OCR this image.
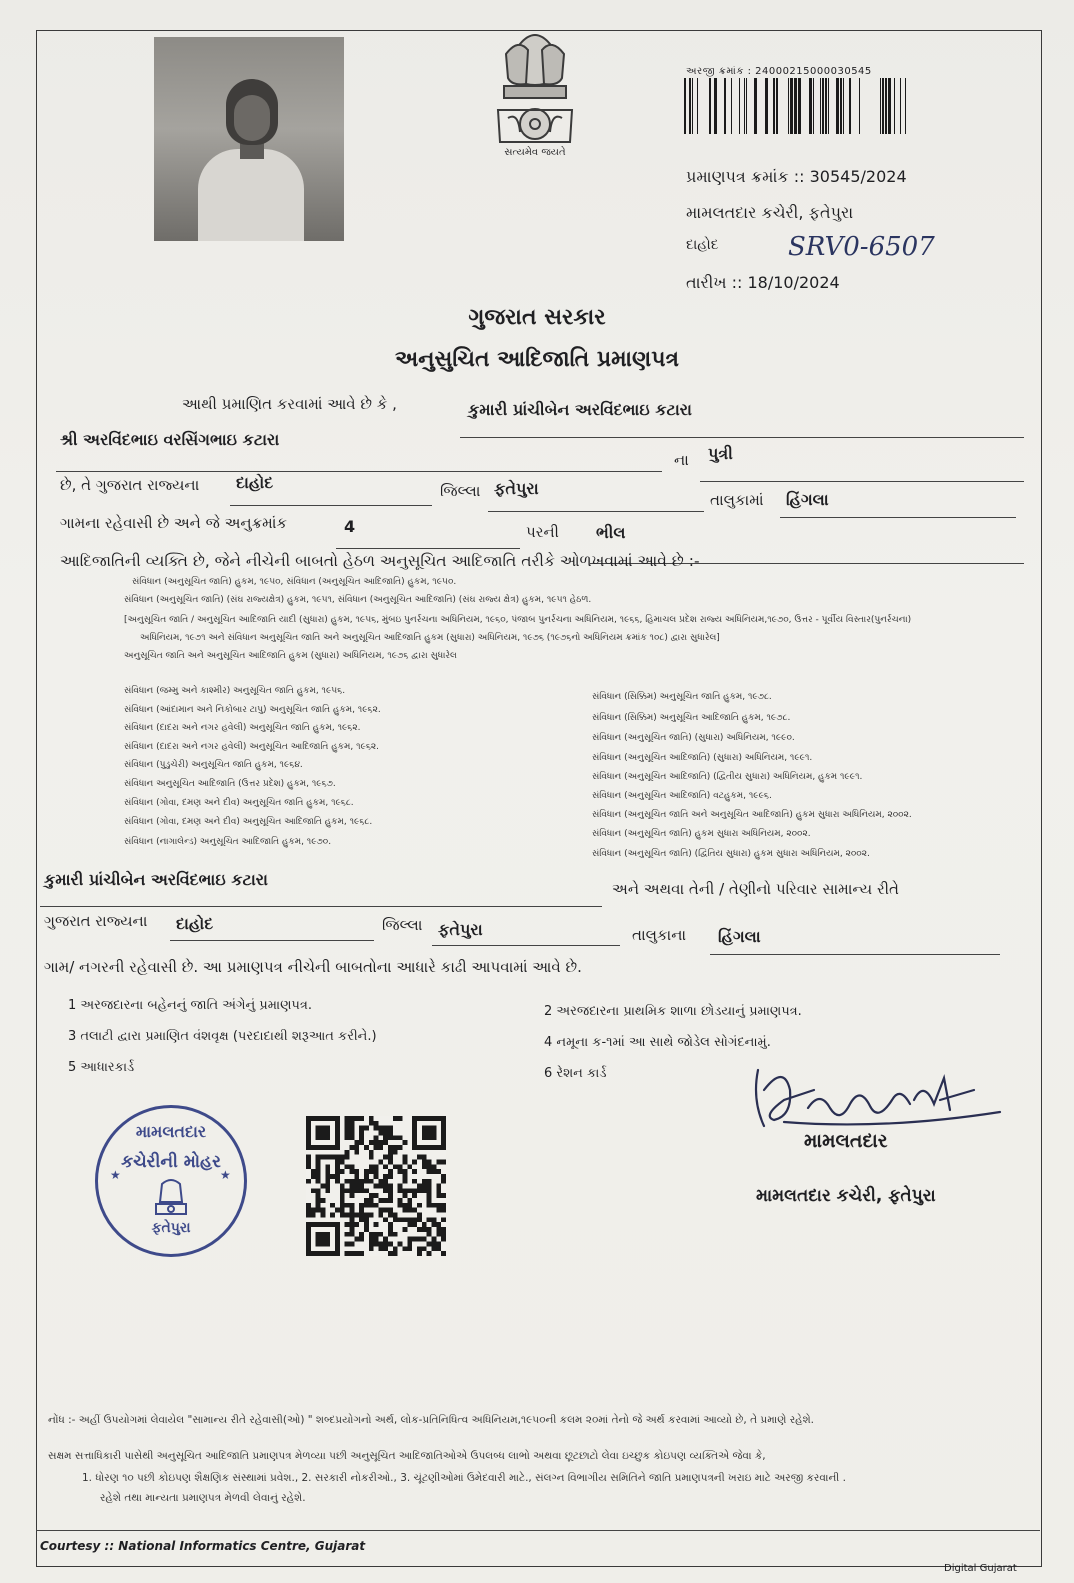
સત્યમેવ જયતે
અરજી ક્રમાંક : 24000215000030545
પ્રમાણપત્ર ક્રમાંક :: 30545/2024
મામલતદાર કચેરી, ફતેપુરા
દાહોદ	SRV0-6507
તારીખ :: 18/10/2024
ગુજરાત સરકાર
અનુસુચિત આદિજાતિ પ્રમાણપત્ર
આથી પ્રમાણિત કરવામાં આવે છે કે ,	કુમારી પ્રાંચીબેન અરવિંદભાઇ કટારા
શ્રી અરવિંદભાઇ વરસિંગભાઇ કટારા
ના પુત્રી
છે, તે ગુજરાત રાજ્યના દાહોદ	જિલ્લા ફતેપુરા
તાલુકામાં હિંગલા
ગામના રહેવાસી છે અને જે અનુક્રમાંક	4	પરની ભીલ
આદિજાતિની વ્યક્તિ છે, જેને નીચેની બાબતો હેઠળ અનુસૂચિત આદિજાતિ તરીકે ઓળખવામાં આવે છે :-
સંવિધાન (અનુસૂચિત જાતિ) હુકમ, ૧૯૫૦, સંવિધાન (અનુસૂચિત આદિજાતિ) હુકમ, ૧૯૫૦.
સંવિધાન (અનુસૂચિત જાતિ) (સંઘ રાજ્યક્ષેત્ર) હુકમ, ૧૯૫૧, સંવિધાન (અનુસૂચિત આદિજાતિ) (સંઘ રાજ્ય ક્ષેત્ર) હુકમ, ૧૯૫૧ હેઠળ.
[અનુસૂચિત જાતિ / અનુસૂચિત આદિજાતિ યાદી (સુધારા) હુકમ, ૧૯૫૬, મુંબઇ પુનર્રચના અધિનિયમ, ૧૯૬૦, પંજાબ પુનર્રચના અધિનિયમ, ૧૯૬૬, હિમાચલ પ્રદેશ રાજ્ય અધિનિયમ,૧૯૭૦, ઉત્તર - પૂર્વીય વિસ્તાર(પુનર્રચના)
અધિનિયમ, ૧૯૭૧ અને સંવિધાન અનુસૂચિત જાતિ અને અનુસૂચિત આદિજાતિ હુકમ (સુધારા) અધિનિયમ, ૧૯૭૬ (૧૯૭૬નો અધિનિયમ ક્રમાંક ૧૦૮) દ્વારા સુધારેલ]
અનુસૂચિત જાતિ અને અનુસૂચિત આદિજાતિ હુકમ (સુધારા) અધિનિયમ, ૧૯૭૬ દ્વારા સુધારેલ
સંવિધાન (જમ્મુ અને કાશ્મીર) અનુસૂચિત જાતિ હુકમ, ૧૯૫૬.
સંવિધાન (આંદામાન અને નિકોબાર ટાપુ) અનુસૂચિત જાતિ હુકમ, ૧૯૬૨.
સંવિધાન (દાદરા અને નગર હવેલી) અનુસૂચિત જાતિ હુકમ, ૧૯૬૨.
સંવિધાન (દાદરા અને નગર હવેલી) અનુસૂચિત આદિજાતિ હુકમ, ૧૯૬૨.
સંવિધાન (પુડુચેરી) અનુસૂચિત જાતિ હુકમ, ૧૯૬૪.
સંવિધાન અનુસૂચિત આદિજાતિ (ઉત્તર પ્રદેશ) હુકમ, ૧૯૬૭.
સંવિધાન (ગોવા, દમણ અને દીવ) અનુસૂચિત જાતિ હુકમ, ૧૯૬૮.
સંવિધાન (ગોવા, દમણ અને દીવ) અનુસૂચિત આદિજાતિ હુકમ, ૧૯૬૮.
સંવિધાન (નાગાલેન્ડ) અનુસૂચિત આદિજાતિ હુકમ, ૧૯૭૦.
સંવિધાન (સિક્કિમ) અનુસૂચિત જાતિ હુકમ, ૧૯૭૮.
સંવિધાન (સિક્કિમ) અનુસૂચિત આદિજાતિ હુકમ, ૧૯૭૮.
સંવિધાન (અનુસૂચિત જાતિ) (સુધારા) અધિનિયમ, ૧૯૯૦.
સંવિધાન (અનુસૂચિત આદિજાતિ) (સુધારા) અધિનિયમ, ૧૯૯૧.
સંવિધાન (અનુસૂચિત આદિજાતિ) (દ્વિતીય સુધારા) અધિનિયમ, હુકમ ૧૯૯૧.
સંવિધાન (અનુસૂચિત આદિજાતિ) વટહુકમ, ૧૯૯૬.
સંવિધાન (અનુસૂચિત જાતિ અને અનુસૂચિત આદિજાતિ) હુકમ સુધારા અધિનિયમ, ૨૦૦૨.
સંવિધાન (અનુસૂચિત જાતિ) હુકમ સુધારા અધિનિયમ, ૨૦૦૨.
સંવિધાન (અનુસૂચિત જાતિ) (દ્વિતિય સુધારા) હુકમ સુધારા અધિનિયમ, ૨૦૦૨.
કુમારી પ્રાંચીબેન અરવિંદભાઇ કટારા	અને અથવા તેની / તેણીનો પરિવાર સામાન્ય રીતે
ગુજરાત રાજ્યના દાહોદ	જિલ્લા ફતેપુરા	તાલુકાના હિંગલા
ગામ/ નગરની રહેવાસી છે. આ પ્રમાણપત્ર નીચેની બાબતોના આધારે કાઢી આપવામાં આવે છે.
1 અરજદારના બહેનનું જાતિ અંગેનું પ્રમાણપત્ર.
3 તલાટી દ્વારા પ્રમાણિત વંશવૃક્ષ (પરદાદાથી શરૂઆત કરીને.)
5 આધારકાર્ડ
2 અરજદારના પ્રાથમિક શાળા છોડયાનું પ્રમાણપત્ર.
4 નમૂના ક-૧માં આ સાથે જોડેલ સોગંદનામું.
6 રેશન કાર્ડ
મામલતદાર
કચેરીની મોહર
ફતેપુરા
★	★
મામલતદાર
મામલતદાર કચેરી, ફતેપુરા
નોંધ :- અહીં ઉપયોગમાં લેવાયેલ "સામાન્ય રીતે રહેવાસી(ઓ) " શબ્દપ્રયોગનો અર્થ, લોક-પ્રતિનિધિત્વ અધિનિયમ,૧૯૫૦ની કલમ ૨૦માં તેનો જે અર્થ કરવામાં આવ્યો છે, તે પ્રમાણે રહેશે.
સક્ષમ સત્તાધિકારી પાસેથી અનુસૂચિત આદિજાતિ પ્રમાણપત્ર મેળવ્યા પછી અનુસૂચિત આદિજાતિઓએ ઉપલબ્ધ લાભો અથવા છૂટછાટો લેવા ઇચ્છુક કોઇપણ વ્યક્તિએ જેવા કે,
1. ધોરણ ૧૦ પછી કોઇપણ શૈક્ષણિક સંસ્થામાં પ્રવેશ., 2. સરકારી નોકરીઓ., 3. ચૂંટણીઓમાં ઉમેદવારી માટે., સંલગ્ન વિભાગીય સમિતિને જાતિ પ્રમાણપત્રની ખરાઇ માટે અરજી કરવાની .
રહેશે તથા માન્યતા પ્રમાણપત્ર મેળવી લેવાનું રહેશે.
Courtesy :: National Informatics Centre, Gujarat
Digital Gujarat
